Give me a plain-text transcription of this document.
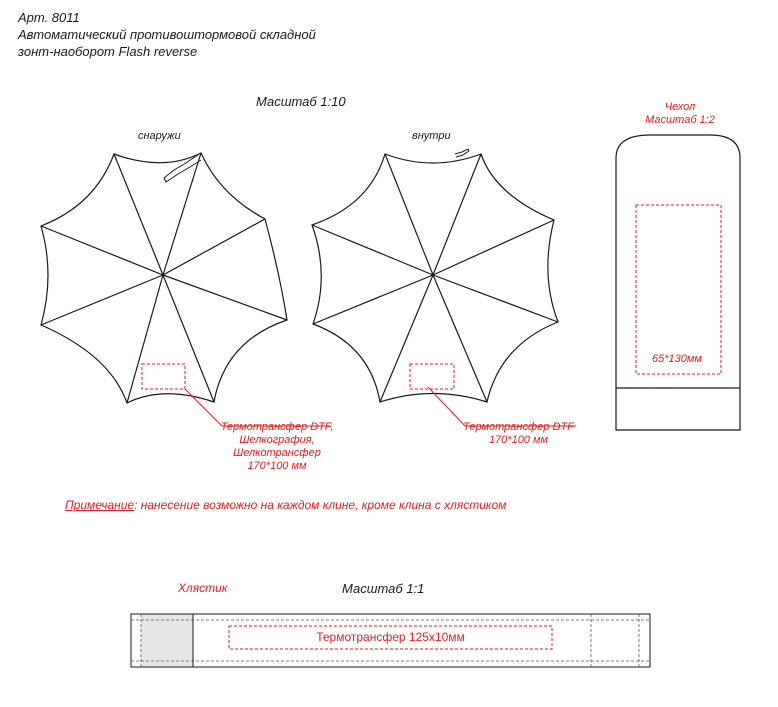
Арт. 8011
Автоматический противоштормовой складной
зонт-наоборот Flash reverse
Масштаб 1:10
снаружи	внутри
Термотрансфер DTF,
Шелкография,
Шелкотрансфер
170*100 мм
Термотрансфер DTF
170*100 мм
Чехол
Масштаб 1:2
65*130мм
Примечание: нанесение возможно на каждом клине, кроме клина с хлястиком
Хлястик	Масштаб 1:1
Термотрансфер 125x10мм
